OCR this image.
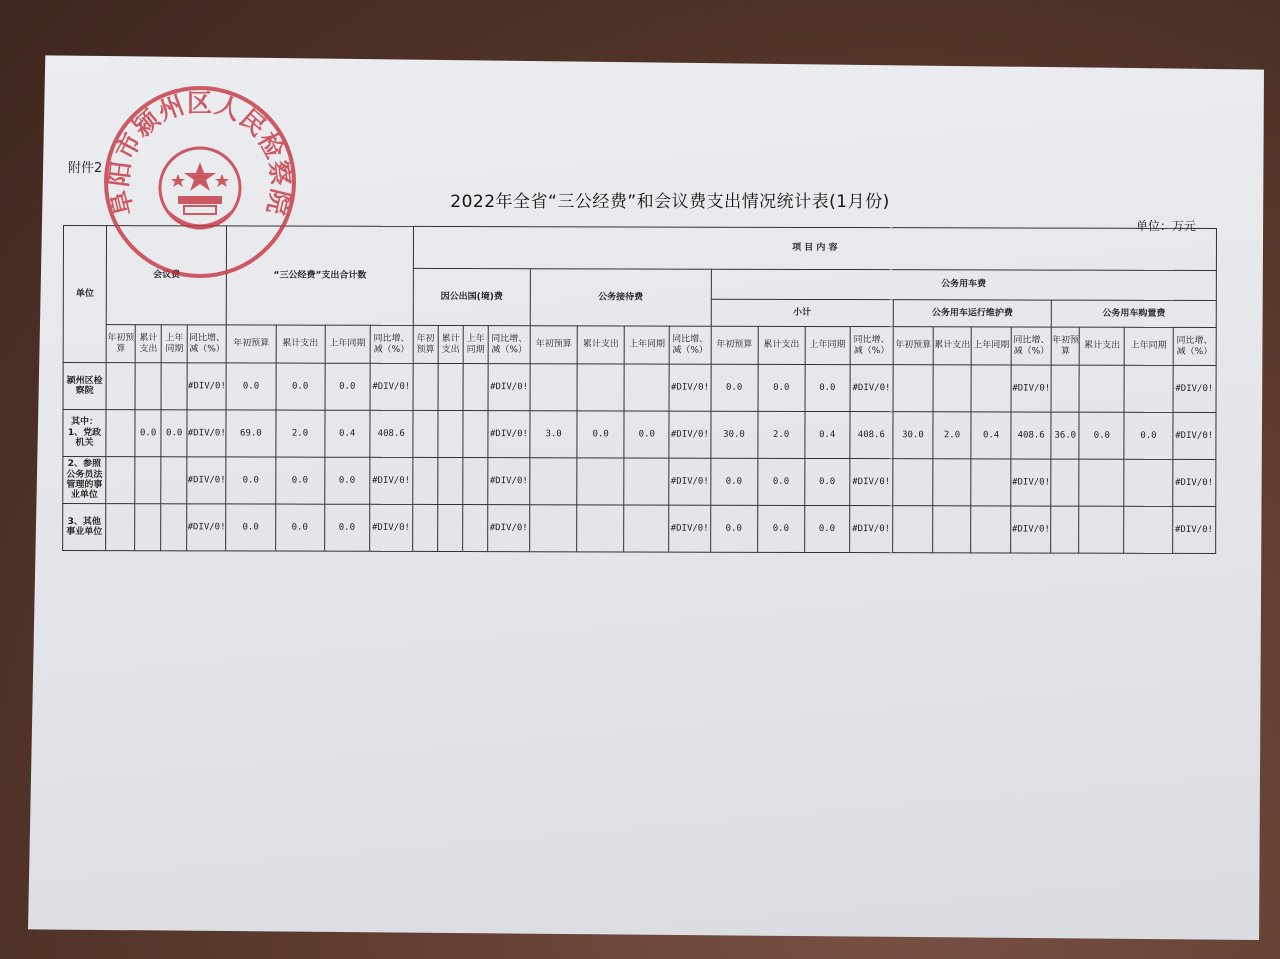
附件2
2022年全省“三公经费”和会议费支出情况统计表(1月份)
单位：万元
单位	会议费				“三公经费”支出合计数				项 目 内 容																			
									因公出国(境)费				公务接待费				公务用车费											
																	小计				公务用车运行维护费				公务用车购置费			
	年初预算	累计支出	上年同期	同比增、减（%）	年初预算	累计支出	上年同期	同比增、减（%）	年初预算	累计支出	上年同期	同比增、减（%）	年初预算	累计支出	上年同期	同比增、减（%）	年初预算	累计支出	上年同期	同比增、减（%）	年初预算	累计支出	上年同期	同比增、减（%）	年初预算	累计支出	上年同期	同比增、减（%）
颍州区检察院				#DIV/0!	0.0	0.0	0.0	#DIV/0!				#DIV/0!				#DIV/0!	0.0	0.0	0.0	#DIV/0!				#DIV/0!				#DIV/0!
其中：1、党政机关		0.0	0.0	#DIV/0!	69.0	2.0	0.4	408.6				#DIV/0!	3.0	0.0	0.0	#DIV/0!	30.0	2.0	0.4	408.6	30.0	2.0	0.4	408.6	36.0	0.0	0.0	#DIV/0!
2、参照公务员法管理的事业单位				#DIV/0!	0.0	0.0	0.0	#DIV/0!				#DIV/0!				#DIV/0!	0.0	0.0	0.0	#DIV/0!				#DIV/0!				#DIV/0!
3、其他事业单位				#DIV/0!	0.0	0.0	0.0	#DIV/0!				#DIV/0!				#DIV/0!	0.0	0.0	0.0	#DIV/0!				#DIV/0!				#DIV/0!
阜阳市颍州区人民检察院
